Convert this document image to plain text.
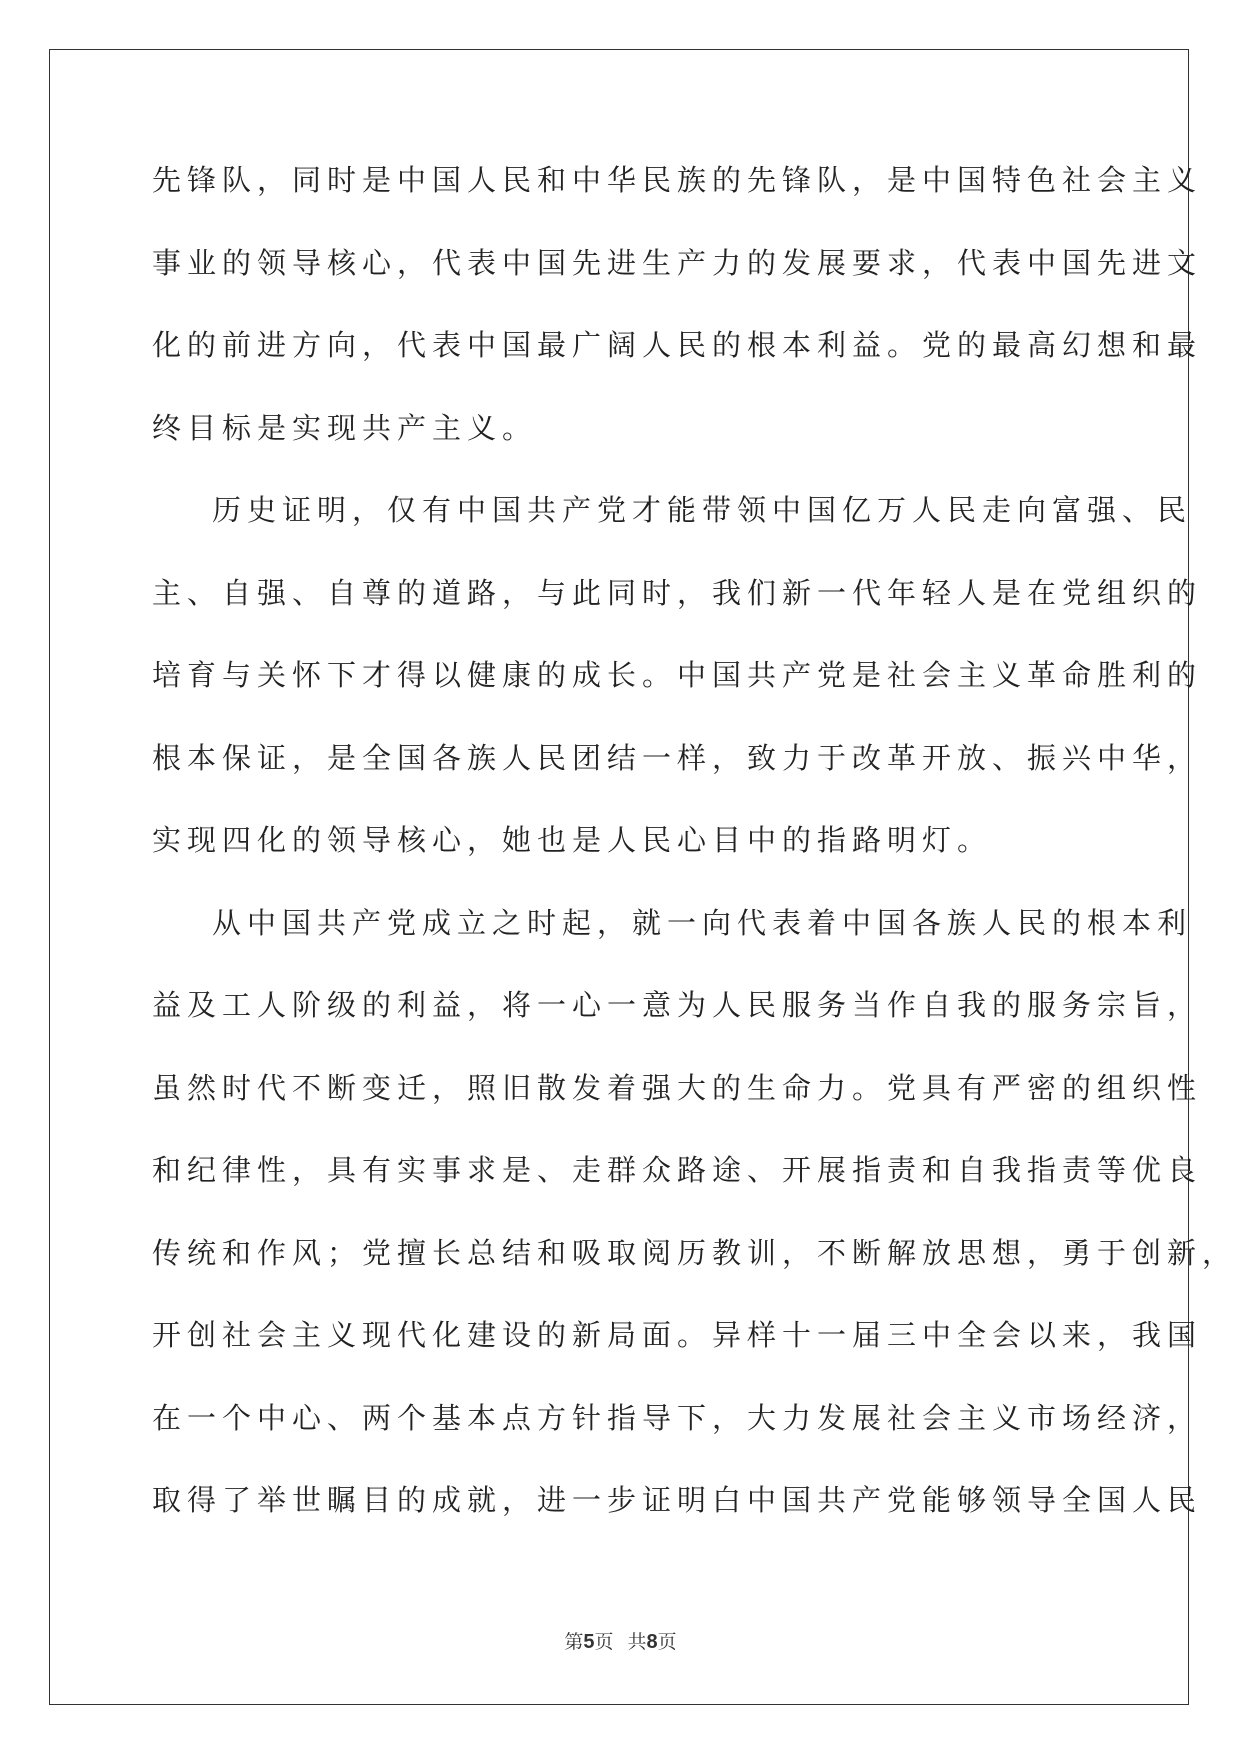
先锋队，同时是中国人民和中华民族的先锋队，是中国特色社会主义
事业的领导核心，代表中国先进生产力的发展要求，代表中国先进文
化的前进方向，代表中国最广阔人民的根本利益。党的最高幻想和最
终目标是实现共产主义。
历史证明，仅有中国共产党才能带领中国亿万人民走向富强、民
主、自强、自尊的道路，与此同时，我们新一代年轻人是在党组织的
培育与关怀下才得以健康的成长。中国共产党是社会主义革命胜利的
根本保证，是全国各族人民团结一样，致力于改革开放、振兴中华，
实现四化的领导核心，她也是人民心目中的指路明灯。
从中国共产党成立之时起，就一向代表着中国各族人民的根本利
益及工人阶级的利益，将一心一意为人民服务当作自我的服务宗旨，
虽然时代不断变迁，照旧散发着强大的生命力。党具有严密的组织性
和纪律性，具有实事求是、走群众路途、开展指责和自我指责等优良
传统和作风；党擅长总结和吸取阅历教训，不断解放思想，勇于创新，
开创社会主义现代化建设的新局面。异样十一届三中全会以来，我国
在一个中心、两个基本点方针指导下，大力发展社会主义市场经济，
取得了举世瞩目的成就，进一步证明白中国共产党能够领导全国人民
第5页 共8页
